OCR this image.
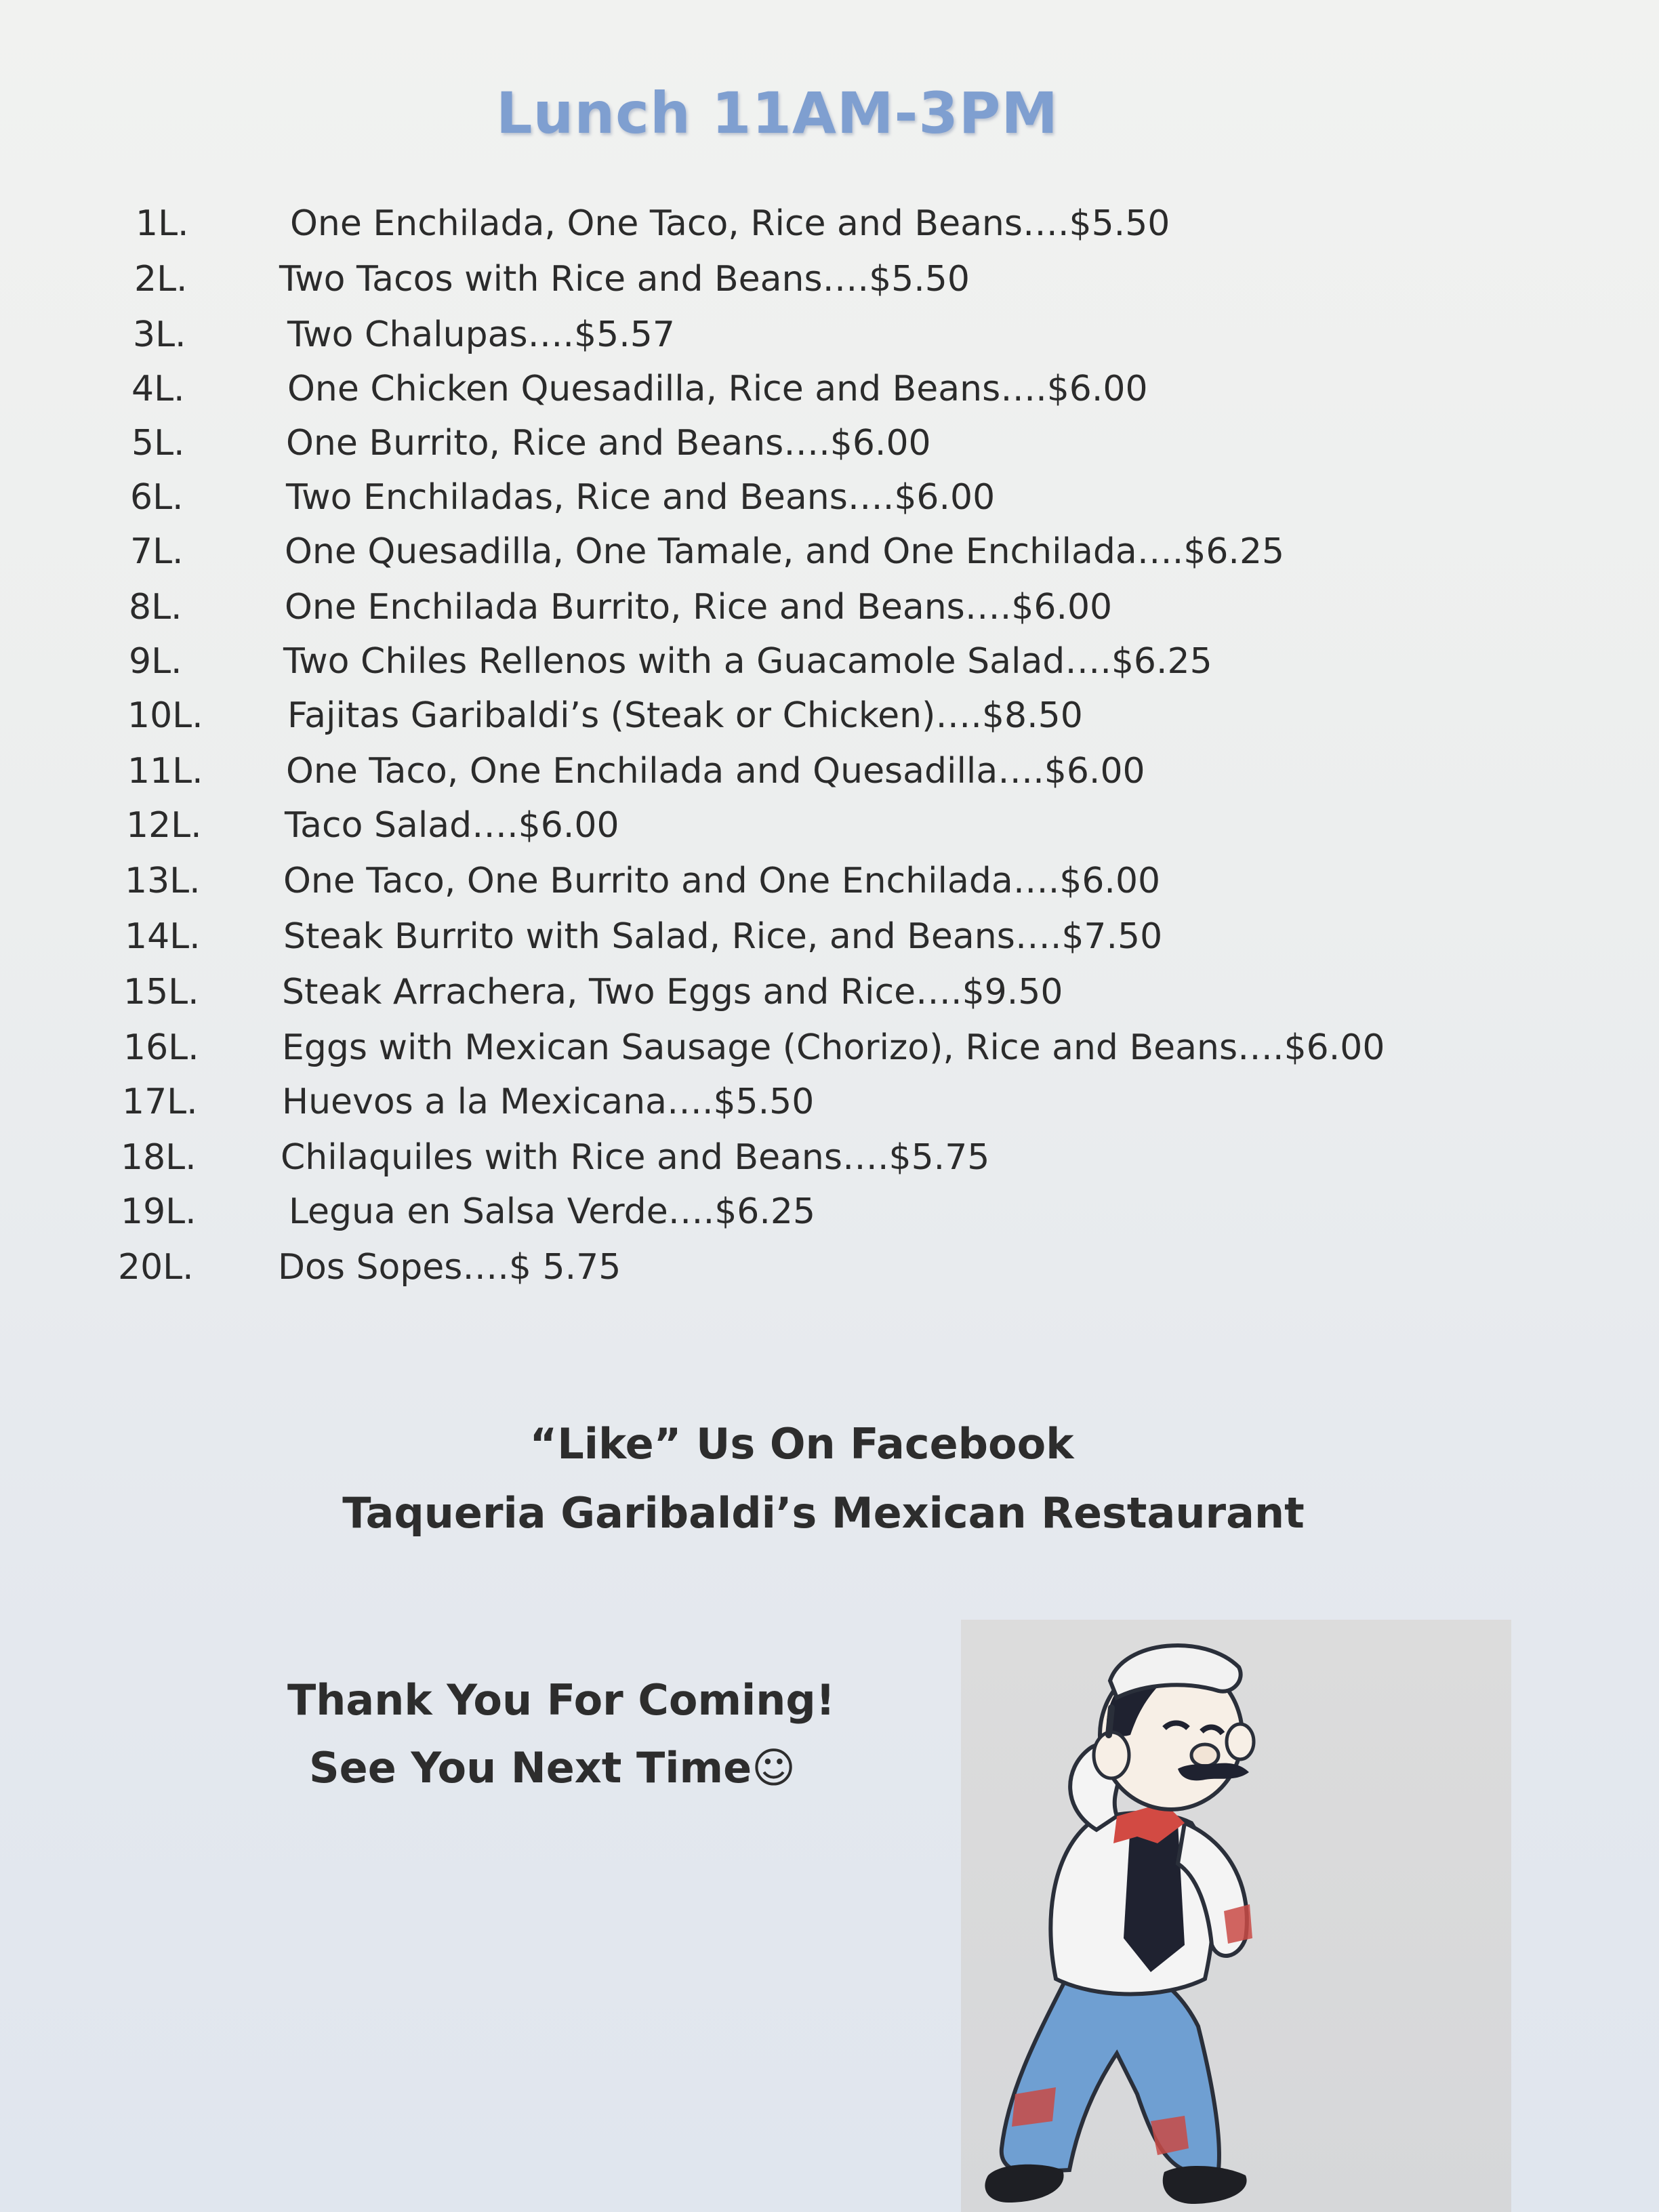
Lunch 11AM-3PM
1L.	One Enchilada, One Taco, Rice and Beans….$5.50
2L.	Two Tacos with Rice and Beans….$5.50
3L.	Two Chalupas….$5.57
4L.	One Chicken Quesadilla, Rice and Beans….$6.00
5L.	One Burrito, Rice and Beans….$6.00
6L.	Two Enchiladas, Rice and Beans….$6.00
7L.	One Quesadilla, One Tamale, and One Enchilada….$6.25
8L.	One Enchilada Burrito, Rice and Beans….$6.00
9L.	Two Chiles Rellenos with a Guacamole Salad….$6.25
10L. Fajitas Garibaldi’s (Steak or Chicken)….$8.50
11L. One Taco, One Enchilada and Quesadilla….$6.00
12L. Taco Salad….$6.00
13L. One Taco, One Burrito and One Enchilada….$6.00
14L. Steak Burrito with Salad, Rice, and Beans….$7.50
15L. Steak Arrachera, Two Eggs and Rice….$9.50
16L. Eggs with Mexican Sausage (Chorizo), Rice and Beans….$6.00
17L. Huevos a la Mexicana….$5.50
18L. Chilaquiles with Rice and Beans….$5.75
19L.	Legua en Salsa Verde….$6.25
20L. Dos Sopes….$ 5.75
“Like” Us On Facebook
Taqueria Garibaldi’s Mexican Restaurant
Thank You For Coming!
See You Next Time☺
